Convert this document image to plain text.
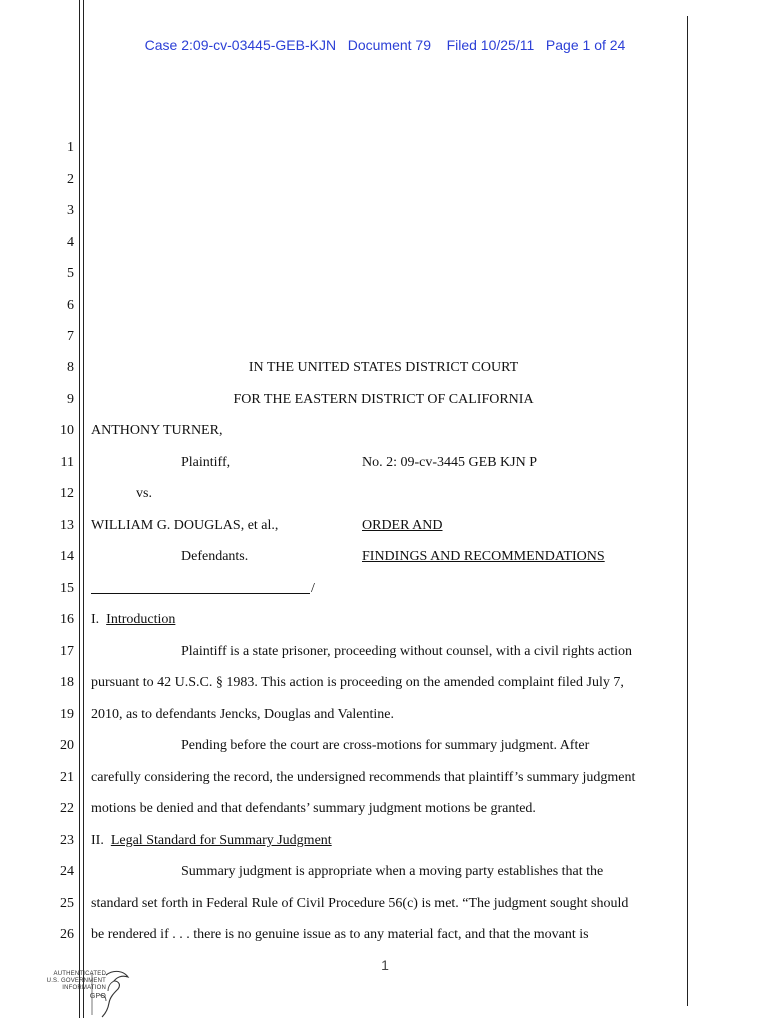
Case 2:09-cv-03445-GEB-KJN   Document 79    Filed 10/25/11   Page 1 of 24
1
2
3
4
5
6
7
8
9
10
11
12
13
14
15
16
17
18
19
20
21
22
23
24
25
26
IN THE UNITED STATES DISTRICT COURT
FOR THE EASTERN DISTRICT OF CALIFORNIA
ANTHONY TURNER,
Plaintiff,	No. 2: 09-cv-3445 GEB KJN P
vs.
WILLIAM G. DOUGLAS, et al.,	ORDER AND
Defendants.	FINDINGS AND RECOMMENDATIONS
/
I. Introduction
Plaintiff is a state prisoner, proceeding without counsel, with a civil rights action
pursuant to 42 U.S.C. § 1983. This action is proceeding on the amended complaint filed July 7,
2010, as to defendants Jencks, Douglas and Valentine.
Pending before the court are cross-motions for summary judgment. After
carefully considering the record, the undersigned recommends that plaintiff’s summary judgment
motions be denied and that defendants’ summary judgment motions be granted.
II. Legal Standard for Summary Judgment
Summary judgment is appropriate when a moving party establishes that the
standard set forth in Federal Rule of Civil Procedure 56(c) is met. “The judgment sought should
be rendered if . . . there is no genuine issue as to any material fact, and that the movant is
1
AUTHENTICATED
U.S. GOVERNMENT
INFORMATION
GPO
